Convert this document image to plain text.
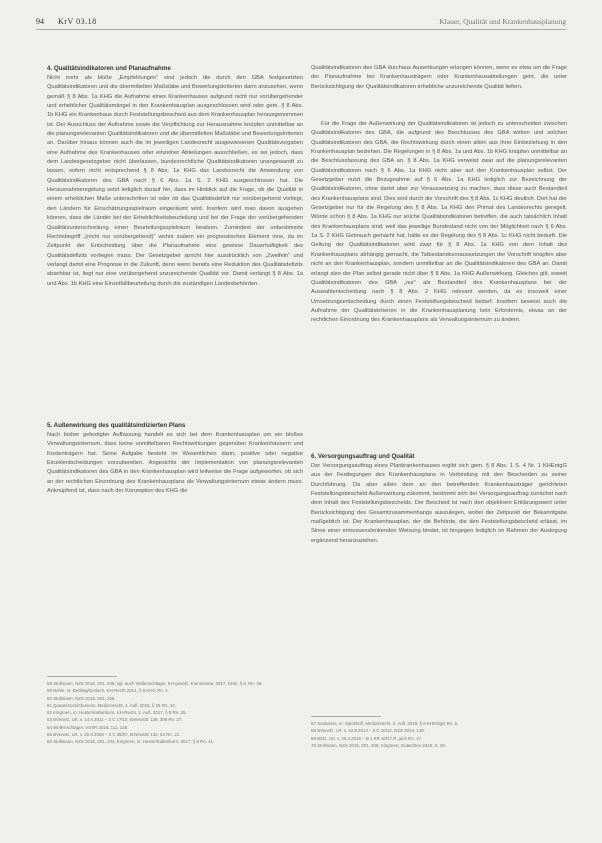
94 KrV 03.18	Klauer, Qualität und Krankenhausplanung
4. Qualitätsindikatoren und Planaufnahme

Nicht mehr als bloße „Empfehlungen“ sind jedoch die durch den GBA festgesetzten Qualitätsindikatoren und die übermittelten Maßstäbe und Bewertungskriterien dann anzusehen, wenn gemäß § 8 Abs. 1a KHG die Aufnahme eines Krankenhauses aufgrund nicht nur vorübergehender und erheblicher Qualitätsmängel in den Krankenhausplan ausgeschlossen wird oder gem. § 8 Abs. 1b KHG ein Krankenhaus durch Feststellungsbescheid aus dem Krankenhausplan herausgenommen ist. Der Ausschluss der Aufnahme sowie die Verpflichtung zur Herausnahme knüpfen unmittelbar an die planungsrelevanten Qualitätsindikatoren und die übermittelten Maßstäbe und Bewertungskriterien an. Darüber hinaus können auch die im jeweiligen Landesrecht ausgewiesenen Qualitätsvorgaben eine Aufnahme des Krankenhauses oder einzelner Abteilungen ausschließen, es sei jedoch, dass dem Landesgesetzgeber nicht überlassen, bundesrechtliche Qualitätsindikatoren unangewandt zu lassen, sofern nicht entsprechend § 8 Abs. 1a KHG das Landesrecht die Anwendung von Qualitätsindikatoren des GBA nach § 6 Abs. 1a S. 2 KHG ausgeschlossen hat. Die Herausnahmeregelung setzt lediglich darauf hin, dass im Hinblick auf die Frage, ob die Qualität in einem erheblichen Maße unterschritten ist oder ob das Qualitätsdefizit nur vorübergehend vorliegt, den Ländern für Einschätzungsspielraum eingeräumt wird. Insofern wird man davon ausgehen können, dass die Länder bei der Erheblichkeitsbeurteilung und bei der Frage der vorübergehenden Qualitätsunterschreitung einen Beurteilungsspielraum besitzen. Zumindest der unbestimmte Rechtsbegriff „(nicht nur vorübergehend)“ wohnt zudem ein prognostisches Element inne, da im Zeitpunkt der Entscheidung über die Planaufnahme eine gewisse Dauerhaftigkeit des Qualitätsdefizits vorliegen muss. Der Gesetzgeber spricht hier ausdrücklich von „Zweifeln“ und verlangt damit eine Prognose in die Zukunft, denn wenn bereits eine Reduktion des Qualitätsdefizits absehbar ist, liegt nur eine vorübergehend unzureichende Qualität vor. Damit verlangt § 8 Abs. 1a und Abs. 1b KHG eine Einzelfallbeurteilung durch die zuständigen Landesbehörden.

5. Außenwirkung des qualitätsindizierten Plans

Nach bisher gefestigter Auffassung handelt es sich bei dem Krankenhausplan um ein bloßes Verwaltungsinternum, dass keine unmittelbaren Rechtswirkungen gegenüber Krankenhäusern und Kostenträgern hat. Seine Aufgabe besteht im Wesentlichen darin, positive oder negative Einzelentscheidungen vorzubereiten. Angesichts der Implementation von planungsrelevanten Qualitätsindikatoren des GBA in den Krankenhausplan wird teilweise die Frage aufgeworfen, ob sich an der rechtlichen Einordnung des Krankenhausplans als Verwaltungsinternum etwas ändern muss. Anknüpfend ist, dass nach der Konzeption des KHG die

Qualitätsindikatoren des GBA durchaus Auswirkungen erlangen können, wenn es etwa um die Frage der Planaufnahme bei Krankenhausträgern oder Krankenhausabteilungen geht, die unter Berücksichtigung der Qualitätsindikatoren erhebliche unzureichende Qualität liefern.

Für die Frage der Außenwirkung der Qualitätsindikatoren ist jedoch zu unterscheiden zwischen Qualitätsindikatoren des GBA, die aufgrund des Beschlusses des GBA wirken und solchen Qualitätsindikatoren des GBA, die Rechtswirkung durch einen allein aus ihrer Einbeziehung in den Krankenhausplan beziehen. Die Regelungen in § 8 Abs. 1a und Abs. 1b KHG knüpfen unmittelbar an die Beschlussfassung des GBA an. § 8 Abs. 1a KHG verweist zwar auf die planungsrelevanten Qualitätsindikatoren nach § 6 Abs. 1a KHG nicht aber auf den Krankenhausplan selbst. Der Gesetzgeber nutzt die Bezugnahme auf § 6 Abs. 1a KHG lediglich zur Bezeichnung der Qualitätsindikatoren, ohne damit aber zur Voraussetzung zu machen, dass diese auch Bestandteil des Krankenhausplans sind. Dies wird durch die Vorschrift des § 8 Abs. 1c KHG deutlich. Dort hat der Gesetzgeber nur für die Regelung des § 8 Abs. 1a KHG den Primat des Landesrechts geregelt. Würde schon § 8 Abs. 1a KHG nur solche Qualitätsindikatoren betreffen, die auch tatsächlich Inhalt des Krankenhausplans sind, weil das jeweilige Bundesland nicht von der Möglichkeit nach § 6 Abs. 1a S. 2 KHG Gebrauch gemacht hat, hätte es der Regelung des § 8 Abs. 1c KHG nicht bedurft. Die Geltung der Qualitätsindikatoren wird zwar für § 8 Abs. 1a KHG von dem Inhalt des Krankenhausplans abhängig gemacht, die Tatbestandsvoraussetzungen der Vorschrift knüpfen aber nicht an den Krankenhausplan, sondern unmittelbar an die Qualitätsindikatoren des GBA an. Damit erlangt also der Plan selbst gerade nicht über § 8 Abs. 1a KHG Außenwirkung. Gleiches gilt, soweit Qualitätsindikatoren des GBA „nur“ als Bestandteil des Krankenhausplans bei der Auswahlentscheidung nach § 8 Abs. 2 KHG relevant werden, da es insoweit einer Umsetzungsentscheidung durch einen Feststellungsbescheid bedarf. Insofern beweist auch die Aufnahme der Qualitätskriterien in die Krankenhausplanung kein Erfordernis, etwas an der rechtlichen Einordnung des Krankenhausplans als Verwaltungsinternum zu ändern.

6. Versorgungsauftrag und Qualität

Der Versorgungsauftrag eines Plankrankenhauses ergibt sich gem. § 8 Abs. 1 S. 4 Nr. 1 KHEntgG aus der Festlegungen des Krankenhausplans in Verbindung mit den Bescheiden zu seiner Durchführung. Da aber allein dem an den betreffenden Krankenhausträger gerichteten Feststellungsbescheid Außenwirkung zukommt, bestimmt sich der Versorgungsauftrag zunächst nach dem Inhalt des Feststellungsbescheids. Der Bescheid ist nach den objektiven Erklärungswert unter Berücksichtigung des Gesamtzusammenhangs auszulegen, wobei der Zeitpunkt der Bekanntgabe maßgeblich ist. Der Krankenhausplan, der die Behörde, die den Feststellungsbescheid erlässt, im Sinne einer ermessenslenkenden Weisung bindet, ist hingegen lediglich im Rahmen der Auslegung ergänzend heranzuziehen.

58 Stollmann, NZS 2016, 201, 205; vgl. auch Wollenschläger, KH-gesetz. Kommentar, 2017, KHG, § 8, Rn. 49.

59 Bohle, in: Dettling/Gerlach, KH-Recht 2014, § 8 KHG Rn. 1.

60 Stollmann, NZS 2016, 201, 205.

61 Quaas/Zuck/Clemens, Medizinrecht, 4. Aufl. 2018, § 25 Rn. 43.

62 Kingreen, in: Huster/Kaltenborn, KH-Recht, 2. Aufl. 2017, § 8 Rn. 25.

63 BVerwG, Urt. v. 14.4.2011 – 3 C 17/10, BVerwGE 139, 309 Rn. 27.

64 Wollenschläger, VSSR 2018, 111, 128.

65 BVerwG, Urt. v. 25.9.2008 – 3 C 35/07, BVerwGE 132, 64 Rn. 21.

66 Stollmann, NZS 2016, 201, 204; Kingreen, in: Huster/Kaltenborn, 2017, § 8 Rn. 41.

67 Szabados, in: Spickhoff, Medizinrecht, 3. Aufl. 2018, § 8 KHEntgG Rn. 5.

68 BVerwG, Urt. v. 12.9.2013 – 3 C 10/12, NZS 2014, 149.

69 BSG, Urt. v. 26.4.2018 – B 1 KR 10/17 R, juris Rn. 17.

70 Stollmann, NZS 2016, 201, 206; Kingreen, Gutachten 2018, S. 30.
